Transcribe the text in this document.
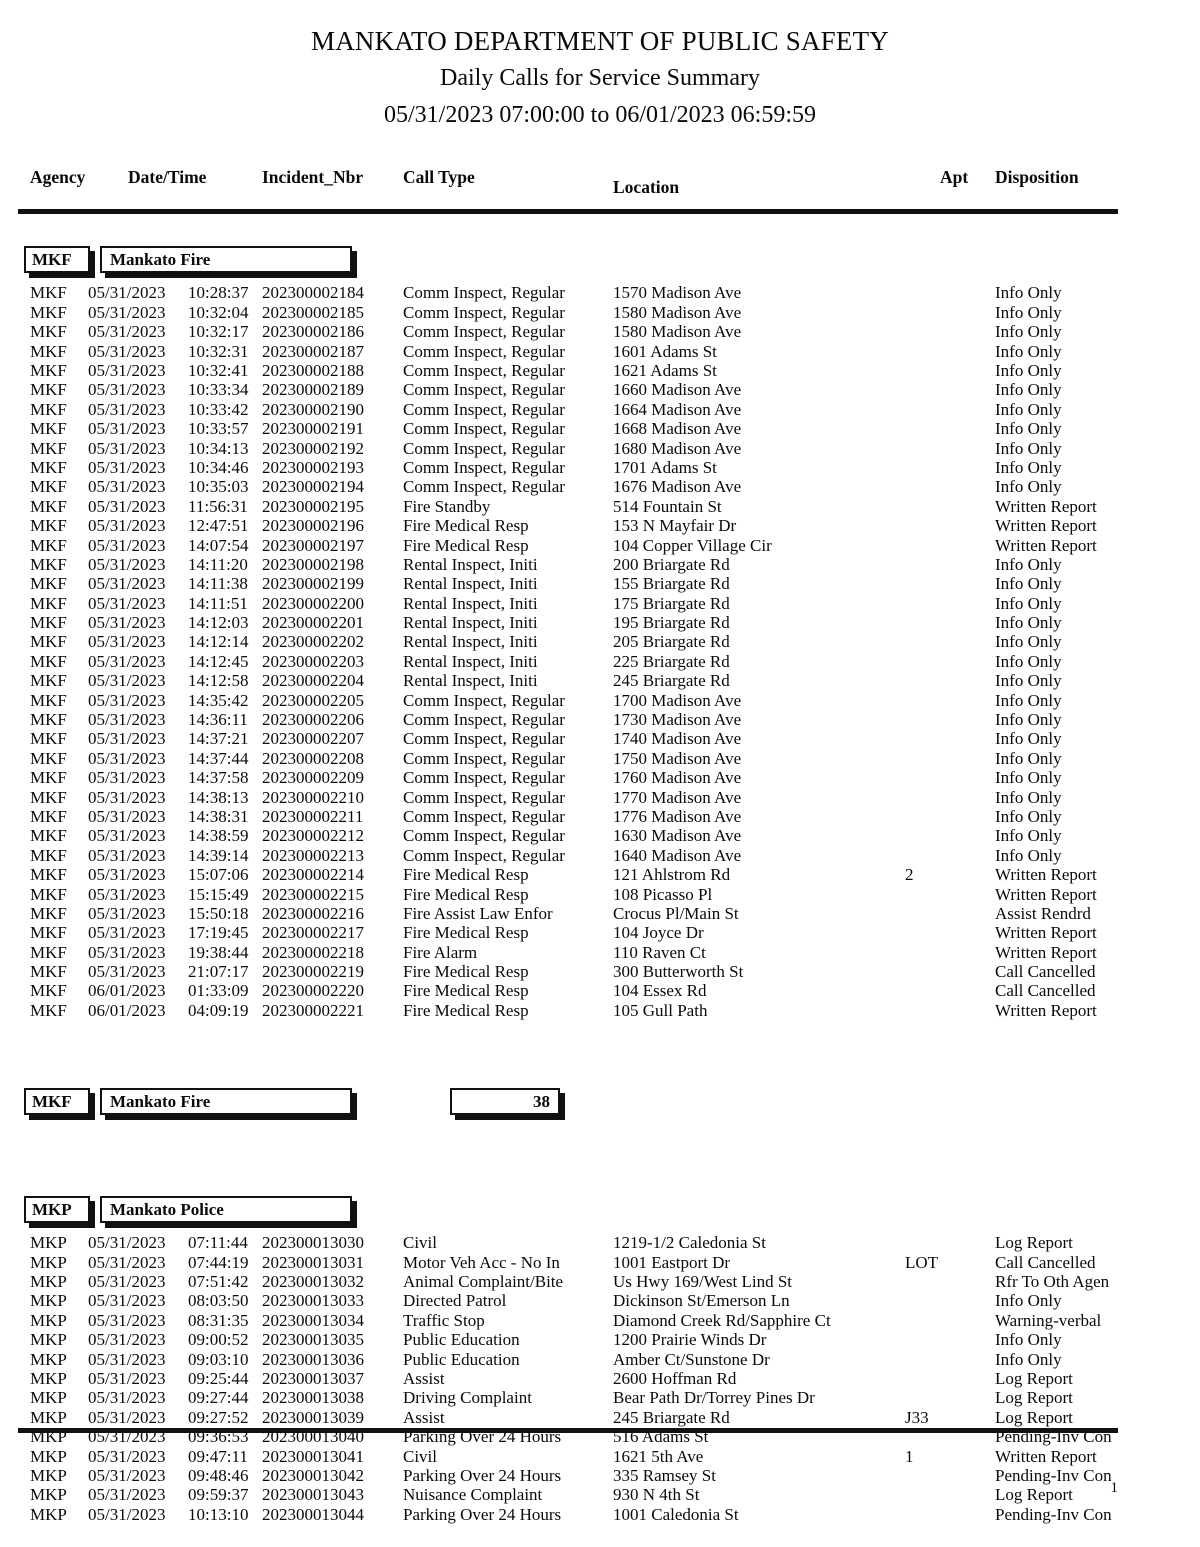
MANKATO DEPARTMENT OF PUBLIC SAFETY
Daily Calls for Service Summary
05/31/2023 07:00:00 to 06/01/2023 06:59:59
Agency Date/Time	Incident_Nbr Call Type	Location	Apt Disposition
MKF	Mankato Fire
MKF 05/31/2023 10:28:37 202300002184 Comm Inspect, Regular	1570 Madison Ave	Info Only
MKF 05/31/2023 10:32:04 202300002185 Comm Inspect, Regular	1580 Madison Ave	Info Only
MKF 05/31/2023 10:32:17 202300002186 Comm Inspect, Regular	1580 Madison Ave	Info Only
MKF 05/31/2023 10:32:31 202300002187 Comm Inspect, Regular	1601 Adams St	Info Only
MKF 05/31/2023 10:32:41 202300002188 Comm Inspect, Regular	1621 Adams St	Info Only
MKF 05/31/2023 10:33:34 202300002189 Comm Inspect, Regular	1660 Madison Ave	Info Only
MKF 05/31/2023 10:33:42 202300002190 Comm Inspect, Regular	1664 Madison Ave	Info Only
MKF 05/31/2023 10:33:57 202300002191 Comm Inspect, Regular	1668 Madison Ave	Info Only
MKF 05/31/2023 10:34:13 202300002192 Comm Inspect, Regular	1680 Madison Ave	Info Only
MKF 05/31/2023 10:34:46 202300002193 Comm Inspect, Regular	1701 Adams St	Info Only
MKF 05/31/2023 10:35:03 202300002194 Comm Inspect, Regular	1676 Madison Ave	Info Only
MKF 05/31/2023 11:56:31 202300002195 Fire Standby	514 Fountain St	Written Report
MKF 05/31/2023 12:47:51 202300002196 Fire Medical Resp	153 N Mayfair Dr	Written Report
MKF 05/31/2023 14:07:54 202300002197 Fire Medical Resp	104 Copper Village Cir	Written Report
MKF 05/31/2023 14:11:20 202300002198 Rental Inspect, Initi	200 Briargate Rd	Info Only
MKF 05/31/2023 14:11:38 202300002199 Rental Inspect, Initi	155 Briargate Rd	Info Only
MKF 05/31/2023 14:11:51 202300002200 Rental Inspect, Initi	175 Briargate Rd	Info Only
MKF 05/31/2023 14:12:03 202300002201 Rental Inspect, Initi	195 Briargate Rd	Info Only
MKF 05/31/2023 14:12:14 202300002202 Rental Inspect, Initi	205 Briargate Rd	Info Only
MKF 05/31/2023 14:12:45 202300002203 Rental Inspect, Initi	225 Briargate Rd	Info Only
MKF 05/31/2023 14:12:58 202300002204 Rental Inspect, Initi	245 Briargate Rd	Info Only
MKF 05/31/2023 14:35:42 202300002205 Comm Inspect, Regular	1700 Madison Ave	Info Only
MKF 05/31/2023 14:36:11 202300002206 Comm Inspect, Regular	1730 Madison Ave	Info Only
MKF 05/31/2023 14:37:21 202300002207 Comm Inspect, Regular	1740 Madison Ave	Info Only
MKF 05/31/2023 14:37:44 202300002208 Comm Inspect, Regular	1750 Madison Ave	Info Only
MKF 05/31/2023 14:37:58 202300002209 Comm Inspect, Regular	1760 Madison Ave	Info Only
MKF 05/31/2023 14:38:13 202300002210 Comm Inspect, Regular	1770 Madison Ave	Info Only
MKF 05/31/2023 14:38:31 202300002211 Comm Inspect, Regular	1776 Madison Ave	Info Only
MKF 05/31/2023 14:38:59 202300002212 Comm Inspect, Regular	1630 Madison Ave	Info Only
MKF 05/31/2023 14:39:14 202300002213 Comm Inspect, Regular	1640 Madison Ave	Info Only
MKF 05/31/2023 15:07:06 202300002214 Fire Medical Resp	121 Ahlstrom Rd	2	Written Report
MKF 05/31/2023 15:15:49 202300002215 Fire Medical Resp	108 Picasso Pl	Written Report
MKF 05/31/2023 15:50:18 202300002216 Fire Assist Law Enfor	Crocus Pl/Main St	Assist Rendrd
MKF 05/31/2023 17:19:45 202300002217 Fire Medical Resp	104 Joyce Dr	Written Report
MKF 05/31/2023 19:38:44 202300002218 Fire Alarm	110 Raven Ct	Written Report
MKF 05/31/2023 21:07:17 202300002219 Fire Medical Resp	300 Butterworth St	Call Cancelled
MKF 06/01/2023 01:33:09 202300002220 Fire Medical Resp	104 Essex Rd	Call Cancelled
MKF 06/01/2023 04:09:19 202300002221 Fire Medical Resp	105 Gull Path	Written Report
MKF	Mankato Fire	38
MKP	Mankato Police
MKP 05/31/2023 07:11:44 202300013030 Civil	1219-1/2 Caledonia St	Log Report
MKP 05/31/2023 07:44:19 202300013031 Motor Veh Acc - No In	1001 Eastport Dr	LOT	Call Cancelled
MKP 05/31/2023 07:51:42 202300013032 Animal Complaint/Bite	Us Hwy 169/West Lind St	Rfr To Oth Agen
MKP 05/31/2023 08:03:50 202300013033 Directed Patrol	Dickinson St/Emerson Ln	Info Only
MKP 05/31/2023 08:31:35 202300013034 Traffic Stop	Diamond Creek Rd/Sapphire Ct	Warning-verbal
MKP 05/31/2023 09:00:52 202300013035 Public Education	1200 Prairie Winds Dr	Info Only
MKP 05/31/2023 09:03:10 202300013036 Public Education	Amber Ct/Sunstone Dr	Info Only
MKP 05/31/2023 09:25:44 202300013037 Assist	2600 Hoffman Rd	Log Report
MKP 05/31/2023 09:27:44 202300013038 Driving Complaint	Bear Path Dr/Torrey Pines Dr	Log Report
MKP 05/31/2023 09:27:52 202300013039 Assist	245 Briargate Rd	J33	Log Report
MKP 05/31/2023 09:36:53 202300013040 Parking Over 24 Hours	516 Adams St	Pending-Inv Con
MKP 05/31/2023 09:47:11 202300013041 Civil	1621 5th Ave	1	Written Report
MKP 05/31/2023 09:48:46 202300013042 Parking Over 24 Hours	335 Ramsey St	Pending-Inv Con
MKP 05/31/2023 09:59:37 202300013043 Nuisance Complaint	930 N 4th St	Log Report
MKP 05/31/2023 10:13:10 202300013044 Parking Over 24 Hours	1001 Caledonia St	Pending-Inv Con
1
